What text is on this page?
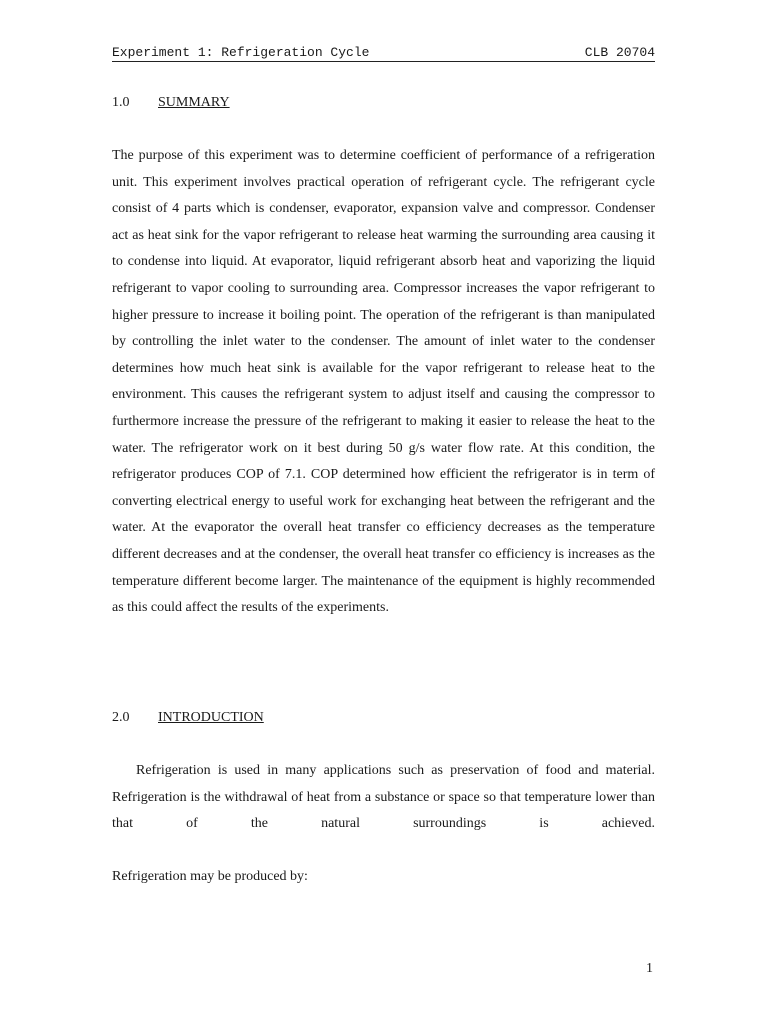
Experiment 1: Refrigeration Cycle	CLB 20704
1.0	SUMMARY

The purpose of this experiment was to determine coefficient of performance of a refrigeration unit. This experiment involves practical operation of refrigerant cycle. The refrigerant cycle consist of 4 parts which is condenser, evaporator, expansion valve and compressor. Condenser act as heat sink for the vapor refrigerant to release heat warming the surrounding area causing it to condense into liquid. At evaporator, liquid refrigerant absorb heat and vaporizing the liquid refrigerant to vapor cooling to surrounding area. Compressor increases the vapor refrigerant to higher pressure to increase it boiling point. The operation of the refrigerant is than manipulated by controlling the inlet water to the condenser. The amount of inlet water to the condenser determines how much heat sink is available for the vapor refrigerant to release heat to the environment. This causes the refrigerant system to adjust itself and causing the compressor to furthermore increase the pressure of the refrigerant to making it easier to release the heat to the water. The refrigerator work on it best during 50 g/s water flow rate. At this condition, the refrigerator produces COP of 7.1. COP determined how efficient the refrigerator is in term of converting electrical energy to useful work for exchanging heat between the refrigerant and the water. At the evaporator the overall heat transfer co efficiency decreases as the temperature different decreases and at the condenser, the overall heat transfer co efficiency is increases as the temperature different become larger. The maintenance of the equipment is highly recommended as this could affect the results of the experiments.

2.0	INTRODUCTION

Refrigeration is used in many applications such as preservation of food and material. Refrigeration is the withdrawal of heat from a substance or space so that temperature lower than that of the natural surroundings is achieved.

Refrigeration may be produced by:

1
